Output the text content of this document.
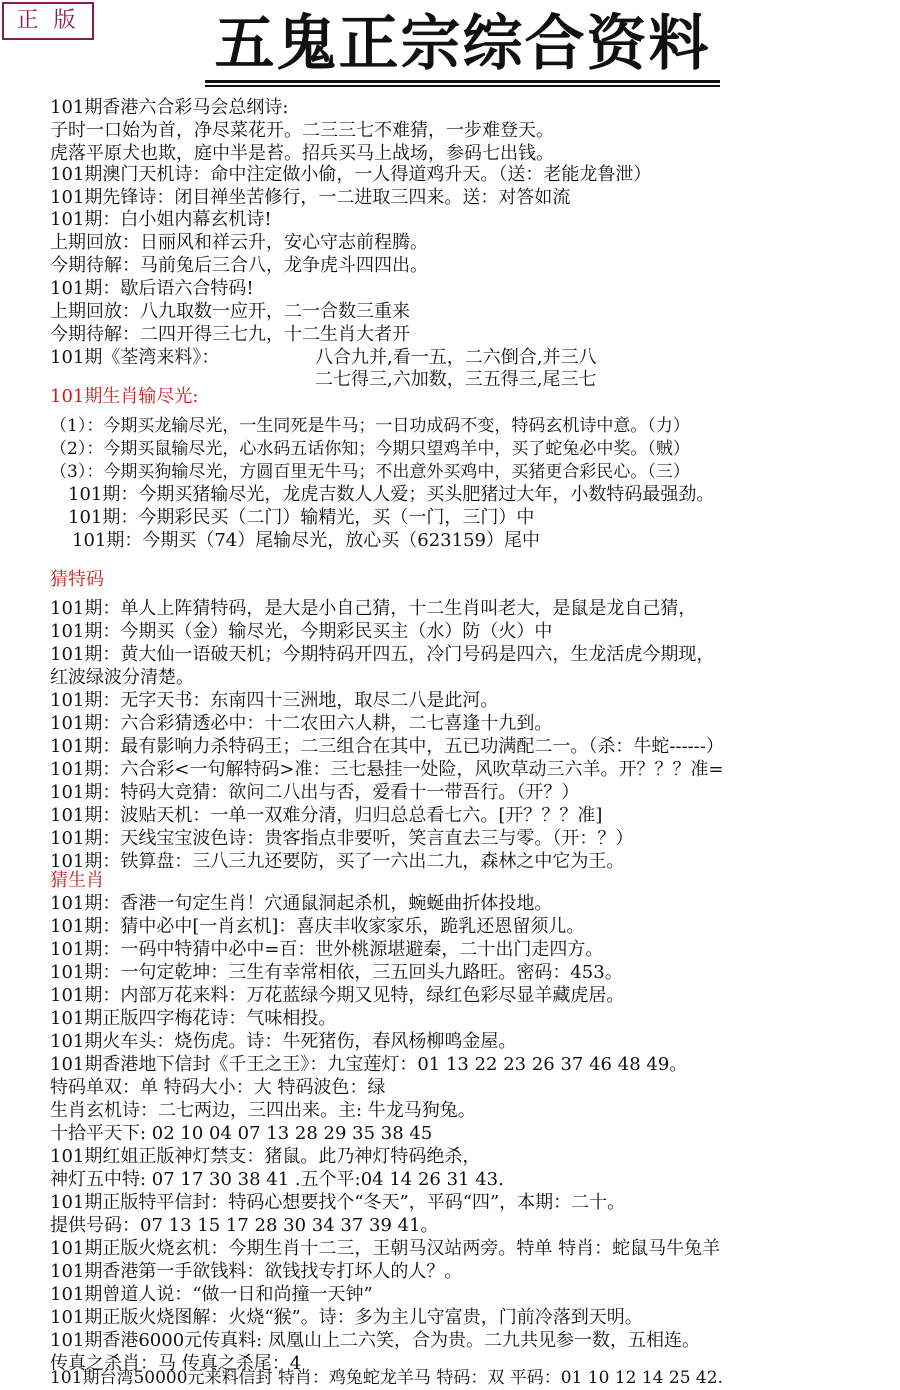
正 版 五鬼正宗综合资料
101期香港六合彩马会总纲诗:
子时一口始为首，净尽菜花开。二三三七不难猜，一步难登天。
虎落平原犬也欺，庭中半是苔。招兵买马上战场，参码七出钱。
101期澳门天机诗：命中注定做小偷，一人得道鸡升天。（送：老能龙鲁泄）
101期先锋诗：闭目禅坐苦修行，一二进取三四来。送：对答如流
101期：白小姐内幕玄机诗!
上期回放：日丽风和祥云升，安心守志前程腾。
今期待解：马前兔后三合八，龙争虎斗四四出。
101期：歇后语六合特码!
上期回放：八九取数一应开，二一合数三重来
今期待解：二四开得三七九，十二生肖大者开
101期《荃湾来料》：	八合九并,看一五，二六倒合,并三八
二七得三,六加数，三五得三,尾三七
101期生肖输尽光:
（1）：今期买龙输尽光，一生同死是牛马；一日功成码不变，特码玄机诗中意。（力）
（2）：今期买鼠输尽光，心水码五话你知；今期只望鸡羊中，买了蛇兔必中奖。（贼）
（3）：今期买狗输尽光，方圆百里无牛马；不出意外买鸡中，买猪更合彩民心。（三）
101期：今期买猪输尽光，龙虎吉数人人爱；买头肥猪过大年，小数特码最强劲。
101期：今期彩民买（二门）输精光，买（一门，三门）中
101期：今期买（74）尾输尽光，放心买（623159）尾中
猜特码
101期：单人上阵猜特码，是大是小自己猜，十二生肖叫老大，是鼠是龙自己猜，
101期：今期买（金）输尽光，今期彩民买主（水）防（火）中
101期：黄大仙一语破天机；今期特码开四五，冷门号码是四六，生龙活虎今期现，
红波绿波分清楚。
101期：无字天书：东南四十三洲地，取尽二八是此河。
101期：六合彩猜透必中：十二农田六人耕，二七喜逢十九到。
101期：最有影响力杀特码王；二三组合在其中，五已功满配二一。（杀：牛蛇------）
101期：六合彩<一句解特码>准：三七悬挂一处险，风吹草动三六羊。开？？？准=
101期：特码大竞猜：欲问二八出与否，爱看十一带吾行。（开？）
101期：波贴天机：一单一双难分清，归归总总看七六。[开？？？准]
101期：天线宝宝波色诗：贵客指点非要听，笑言直去三与零。（开：？）
101期：铁算盘：三八三九还要防，买了一六出二九，森林之中它为王。
猜生肖
101期：香港一句定生肖！穴通鼠洞起杀机，蜿蜒曲折体投地。
101期：猜中必中[一肖玄机]：喜庆丰收家家乐，跪乳还恩留须儿。
101期：一码中特猜中必中=百：世外桃源堪避秦，二十出门走四方。
101期：一句定乾坤：三生有幸常相依，三五回头九路旺。密码：453。
101期：内部万花来料：万花蓝绿今期又见特，绿红色彩尽显羊藏虎居。
101期正版四字梅花诗：气味相投。
101期火车头：烧伤虎。诗：牛死猪伤，春风杨柳鸣金屋。
101期香港地下信封《千王之王》：九宝莲灯：01 13 22 23 26 37 46 48 49。
特码单双：单 特码大小：大 特码波色：绿
生肖玄机诗：二七两边，三四出来。主: 牛龙马狗兔。
十拾平天下: 02 10 04 07 13 28 29 35 38 45
101期红姐正版神灯禁支：猪鼠。此乃神灯特码绝杀，
神灯五中特: 07 17 30 38 41 .五个平:04 14 26 31 43.
101期正版特平信封：特码心想要找个“冬天”，平码“四”，本期：二十。
提供号码：07 13 15 17 28 30 34 37 39 41。
101期正版火烧玄机：今期生肖十二三，王朝马汉站两旁。特单 特肖：蛇鼠马牛兔羊
101期香港第一手欲钱料：欲钱找专打坏人的人？。
101期曾道人说：“做一日和尚撞一天钟”
101期正版火烧图解：火烧“猴”。诗：多为主儿守富贵，门前冷落到天明。
101期香港6000元传真料: 凤凰山上二六笑，合为贵。二九共见参一数，五相连。
传真之杀肖：马 传真之杀尾：4
101期台湾50000元来料信封 特肖：鸡兔蛇龙羊马 特码：双 平码：01 10 12 14 25 42.
